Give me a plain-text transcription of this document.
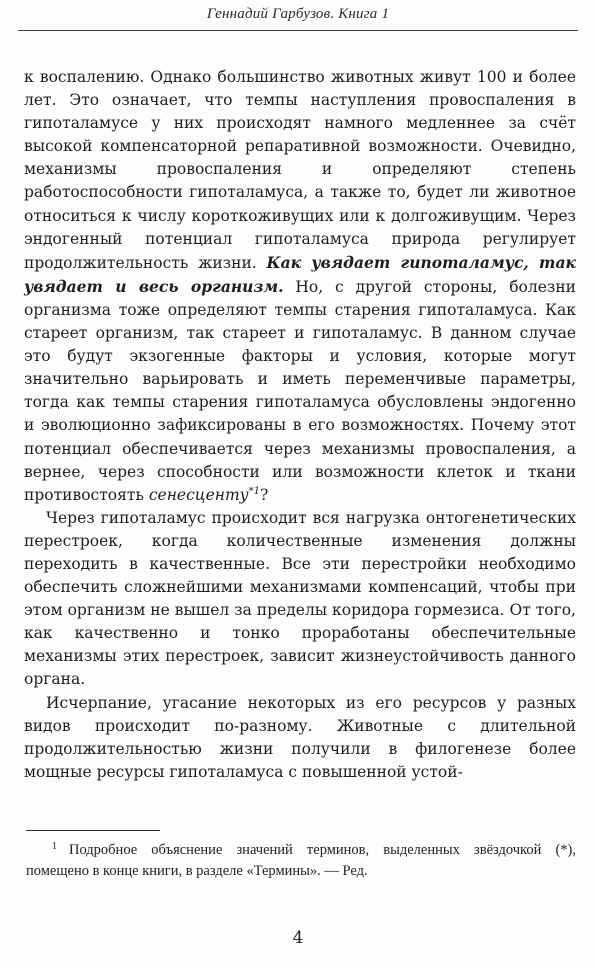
Геннадий Гарбузов. Книга 1

к воспалению. Однако большинство животных живут 100 и более лет. Это означает, что темпы наступления провоспаления в гипоталамусе у них происходят намного медленнее за счёт высокой компенсаторной репаративной возможности. Очевидно, механизмы провоспаления и определяют степень работоспособности гипоталамуса, а также то, будет ли животное относиться к числу короткоживущих или к долгоживущим. Через эндогенный потенциал гипоталамуса природа регулирует продолжительность жизни. Как увядает гипоталамус, так увядает и весь организм. Но, с другой стороны, болезни организма тоже определяют темпы старения гипоталамуса. Как стареет организм, так стареет и гипоталамус. В данном случае это будут экзогенные факторы и условия, которые могут значительно варьировать и иметь переменчивые параметры, тогда как темпы старения гипоталамуса обусловлены эндогенно и эволюционно зафиксированы в его возможностях. Почему этот потенциал обеспечивается через механизмы провоспаления, а вернее, через способности или возможности клеток и ткани противостоять сенесценту$^{*1}$?

Через гипоталамус происходит вся нагрузка онтогенетических перестроек, когда количественные изменения должны переходить в качественные. Все эти перестройки необходимо обеспечить сложнейшими механизмами компенсаций, чтобы при этом организм не вышел за пределы коридора гормезиса. От того, как качественно и тонко проработаны обеспечительные механизмы этих перестроек, зависит жизнеустойчивость данного органа.

Исчерпание, угасание некоторых из его ресурсов у разных видов происходит по-разному. Животные с длительной продолжительностью жизни получили в филогенезе более мощные ресурсы гипоталамуса с повышенной устой-

$^1$ Подробное объяснение значений терминов, выделенных звёздочкой (*), помещено в конце книги, в разделе «Термины». — Ред.
4
